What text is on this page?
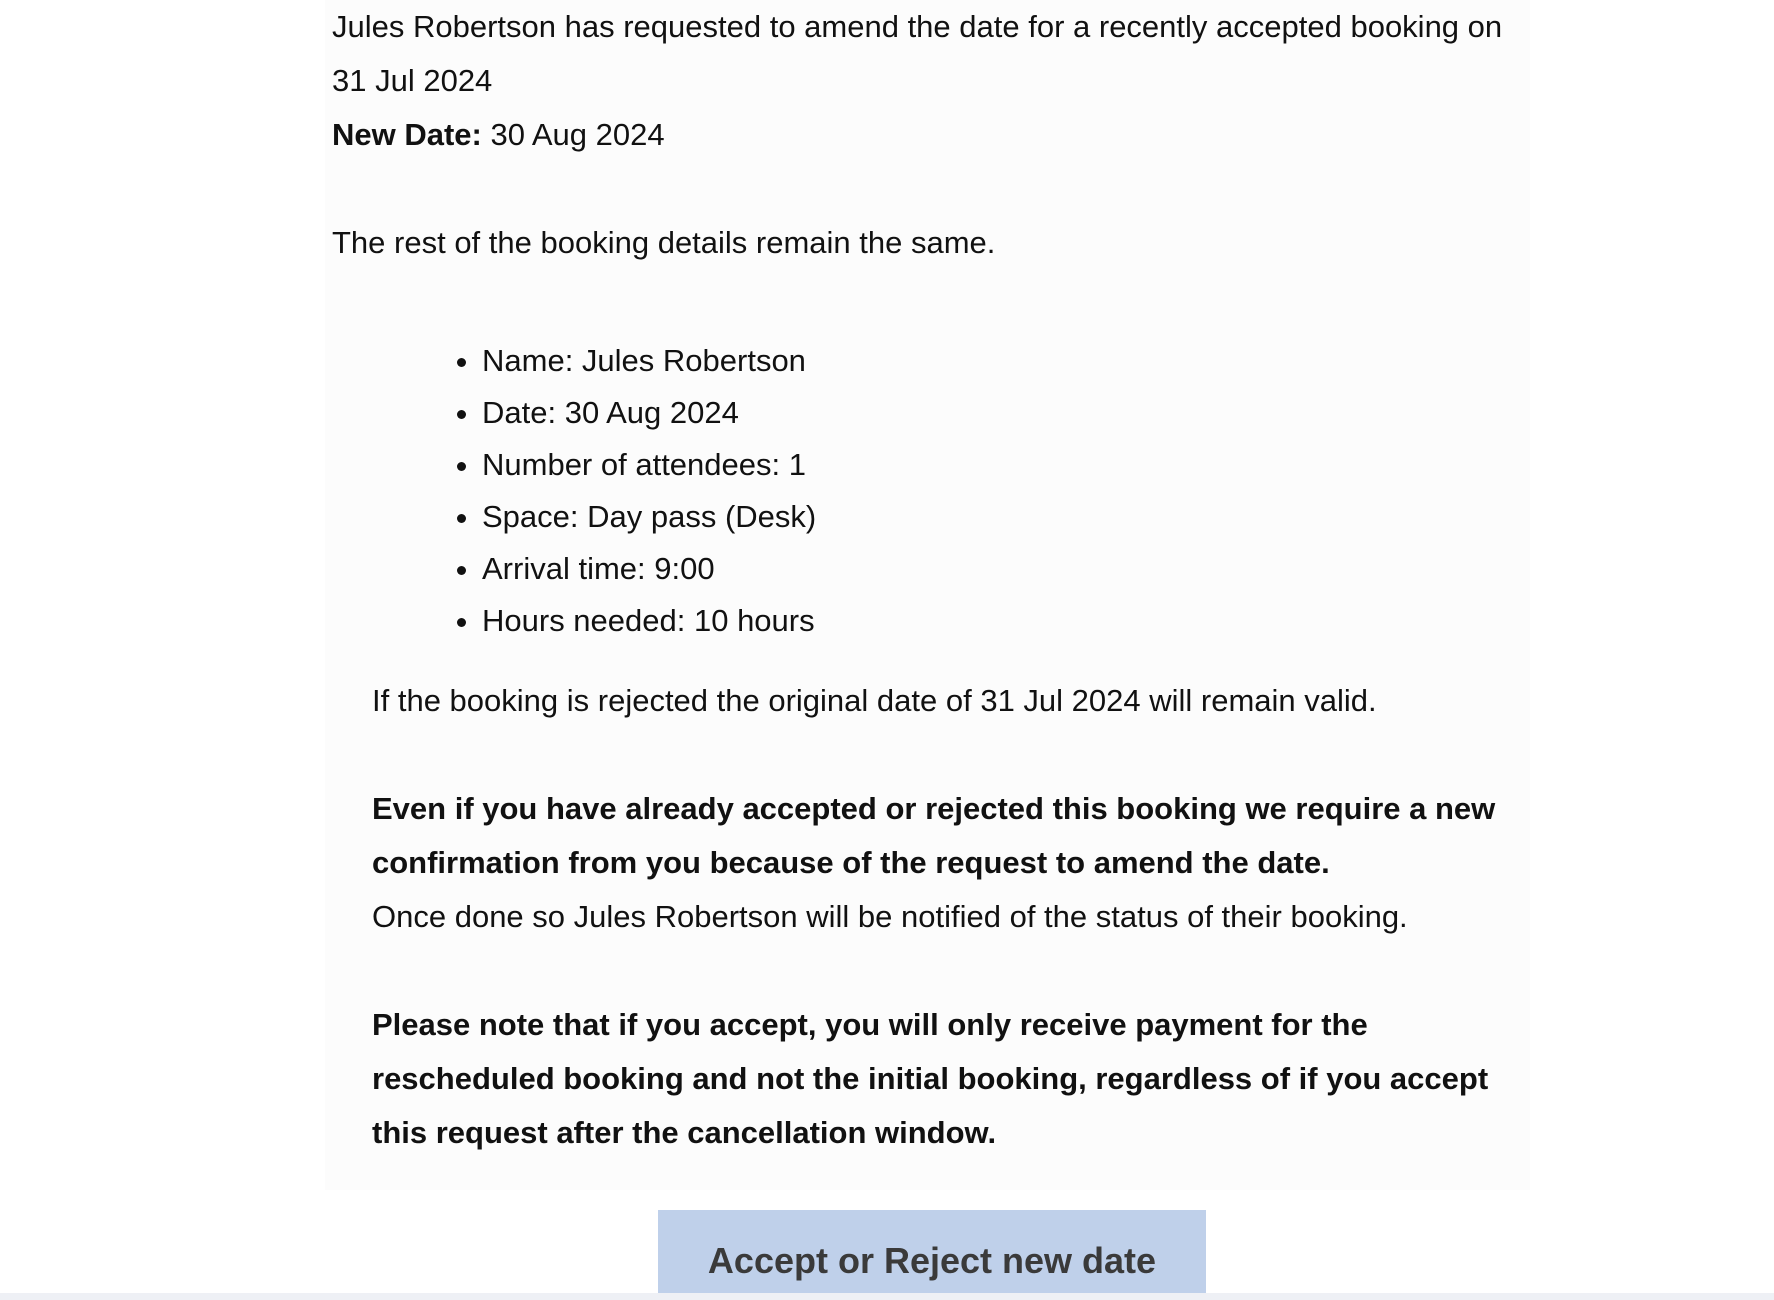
Jules Robertson has requested to amend the date for a recently accepted booking on 31 Jul 2024

New Date: 30 Aug 2024

The rest of the booking details remain the same.

• Name: Jules Robertson
• Date: 30 Aug 2024
• Number of attendees: 1
• Space: Day pass (Desk)
• Arrival time: 9:00
• Hours needed: 10 hours

If the booking is rejected the original date of 31 Jul 2024 will remain valid.

Even if you have already accepted or rejected this booking we require a new confirmation from you because of the request to amend the date.

Once done so Jules Robertson will be notified of the status of their booking.

Please note that if you accept, you will only receive payment for the rescheduled booking and not the initial booking, regardless of if you accept this request after the cancellation window.

Accept or Reject new date
